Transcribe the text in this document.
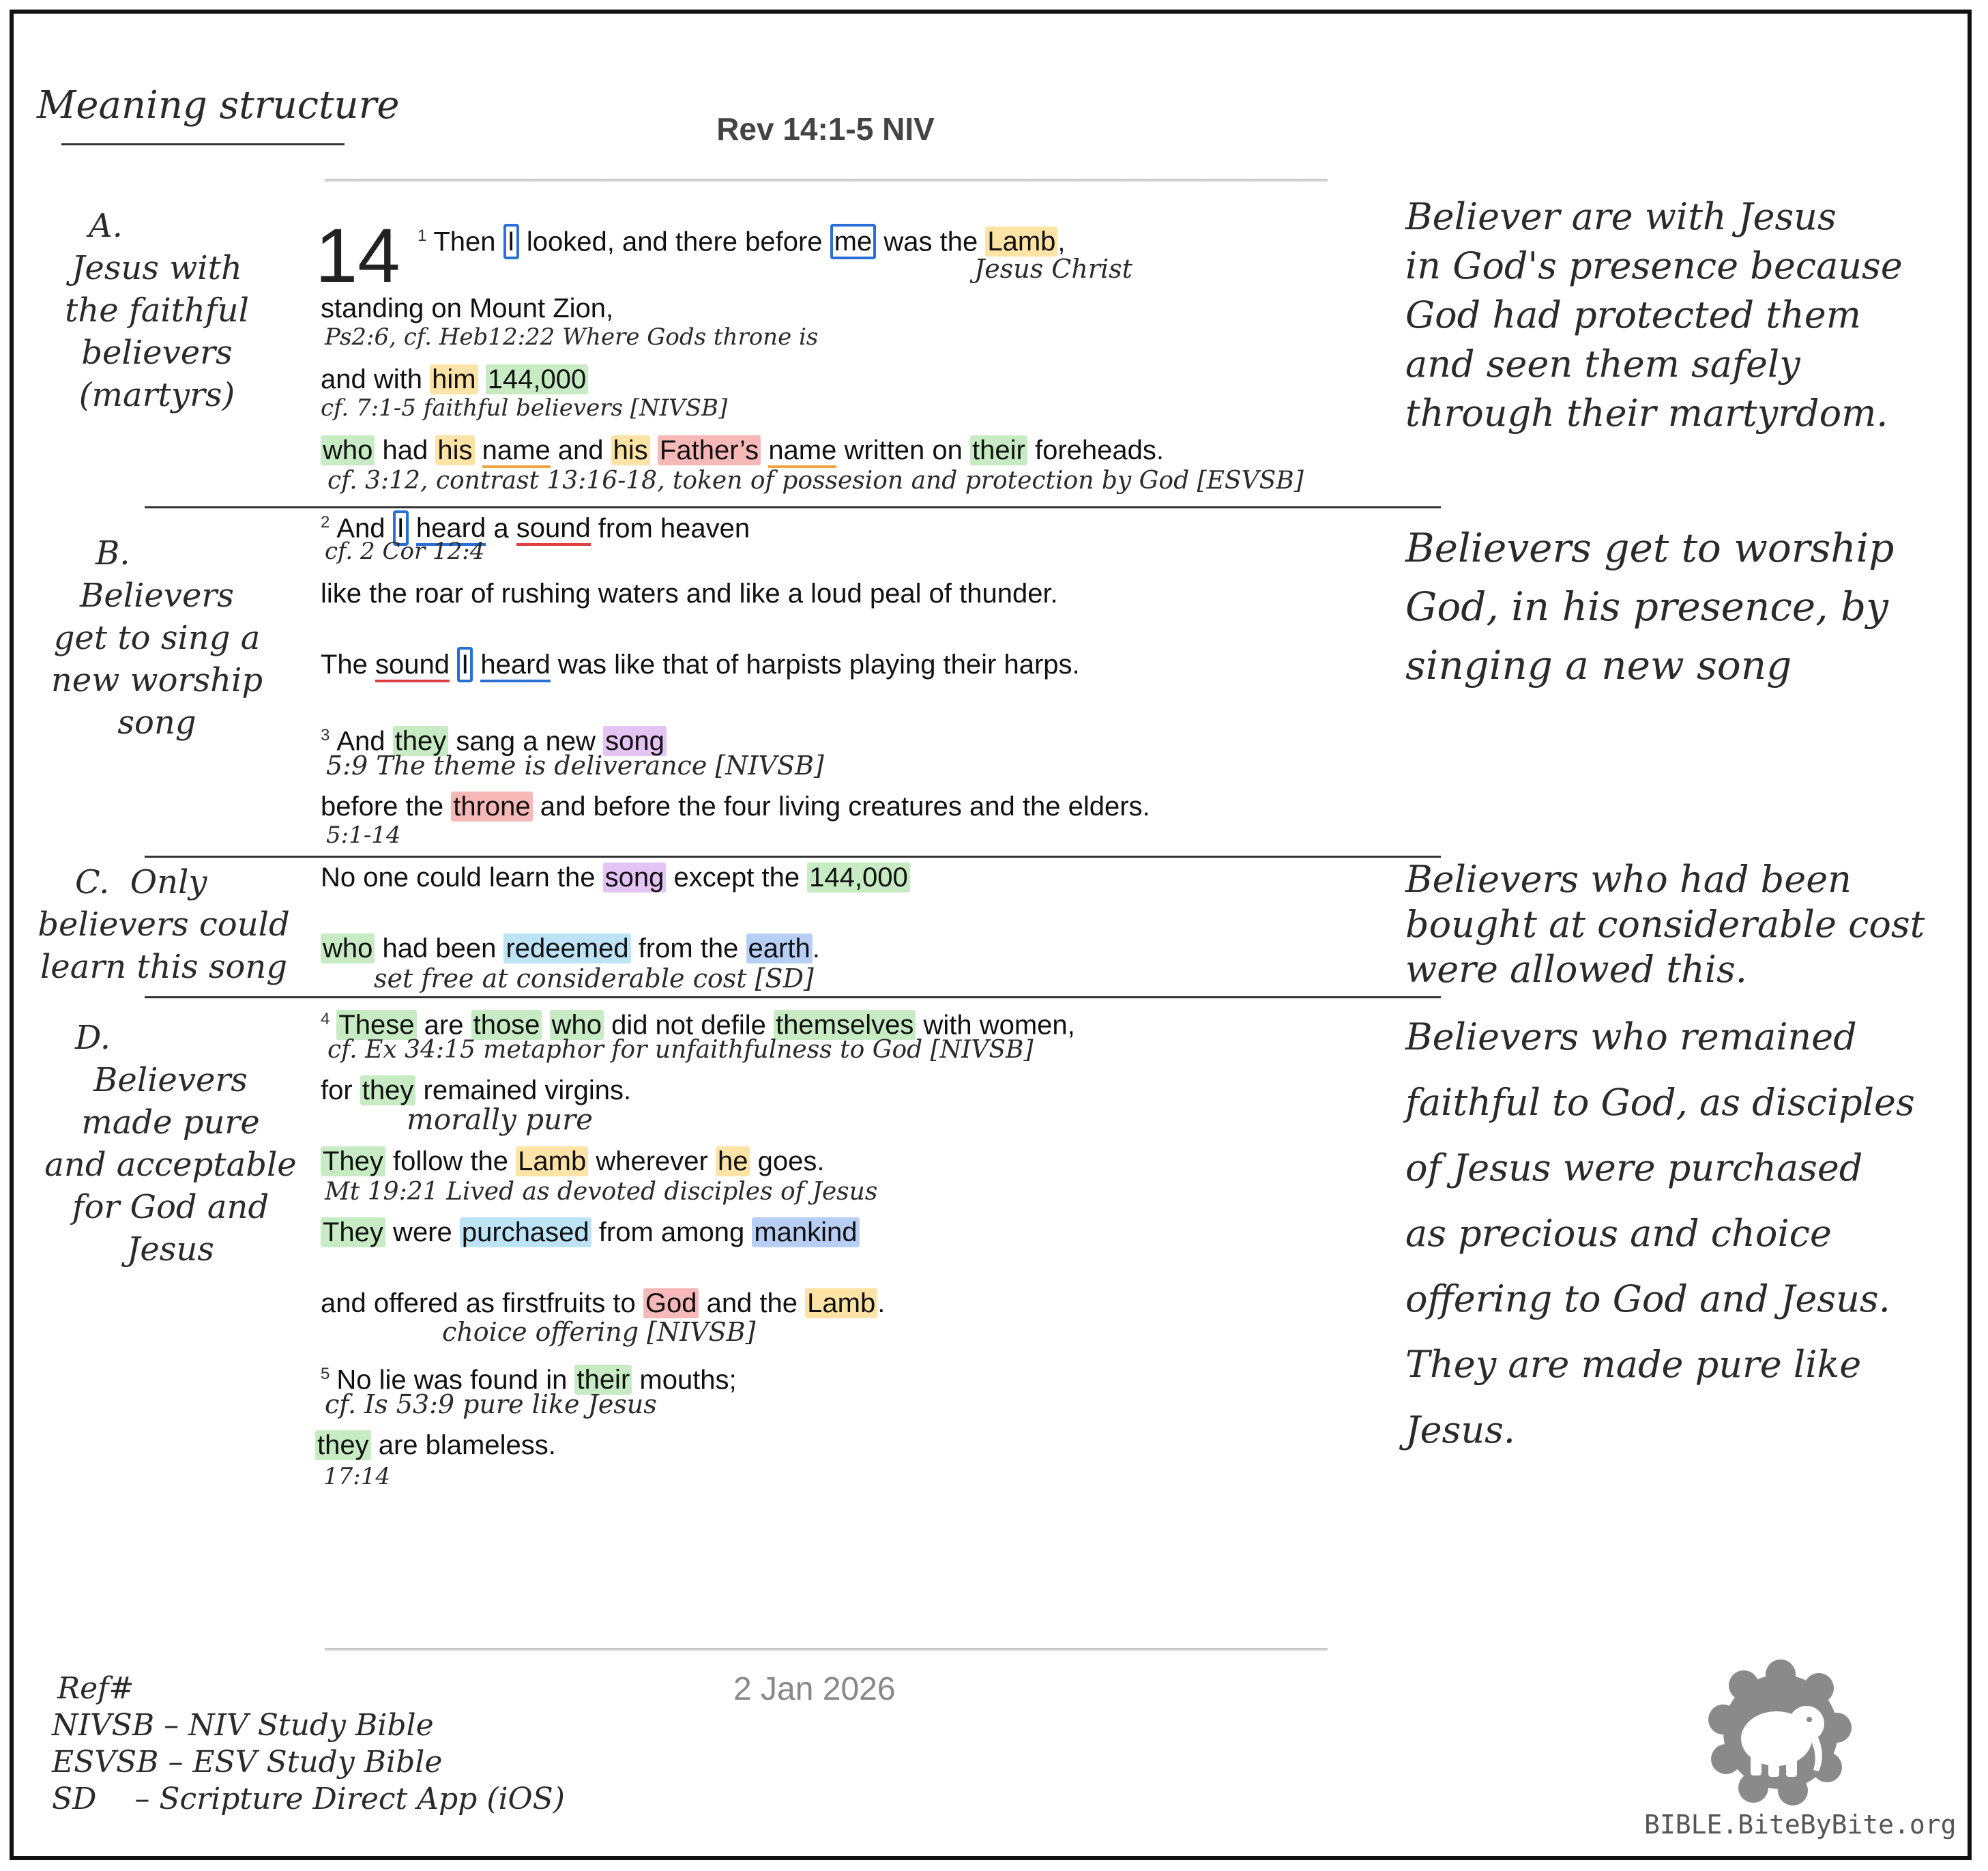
Meaning structure
Rev 14:1-5 NIV
A.
Jesus with
the faithful
believers
(martyrs)
B.
Believers
get to sing a
new worship
song
C. Only
believers could
learn this song
D.
Believers
made pure
and acceptable
for God and
Jesus
14 $^1$ Then I looked, and there before me was the Lamb,
Jesus Christ
standing on Mount Zion,
Ps2:6, cf. Heb12:22 Where Gods throne is
and with him 144,000
cf. 7:1-5 faithful believers [NIVSB]
who had his name and his Father’s name written on their foreheads.
cf. 3:12, contrast 13:16-18, token of possesion and protection by God [ESVSB]
$^2$ And I heard a sound from heaven
cf. 2 Cor 12:4
like the roar of rushing waters and like a loud peal of thunder.
The sound I heard was like that of harpists playing their harps.
$^3$ And they sang a new song
5:9 The theme is deliverance [NIVSB]
before the throne and before the four living creatures and the elders.
5:1-14
No one could learn the song except the 144,000
who had been redeemed from the earth.
set free at considerable cost [SD]
$^4$ These are those who did not defile themselves with women,
cf. Ex 34:15 metaphor for unfaithfulness to God [NIVSB]
for they remained virgins.
morally pure
They follow the Lamb wherever he goes.
Mt 19:21 Lived as devoted disciples of Jesus
They were purchased from among mankind
and offered as firstfruits to God and the Lamb.
choice offering [NIVSB]
$^5$ No lie was found in their mouths;
cf. Is 53:9 pure like Jesus
they are blameless.
17:14
Believer are with Jesus
in God's presence because
God had protected them
and seen them safely
through their martyrdom.
Believers get to worship
God, in his presence, by
singing a new song
Believers who had been
bought at considerable cost
were allowed this.
Believers who remained
faithful to God, as disciples
of Jesus were purchased
as precious and choice
offering to God and Jesus.
They are made pure like
Jesus.
2 Jan 2026
Ref#
NIVSB – NIV Study Bible
ESVSB – ESV Study Bible
SD    – Scripture Direct App (iOS)
BIBLE.BiteByBite.org
